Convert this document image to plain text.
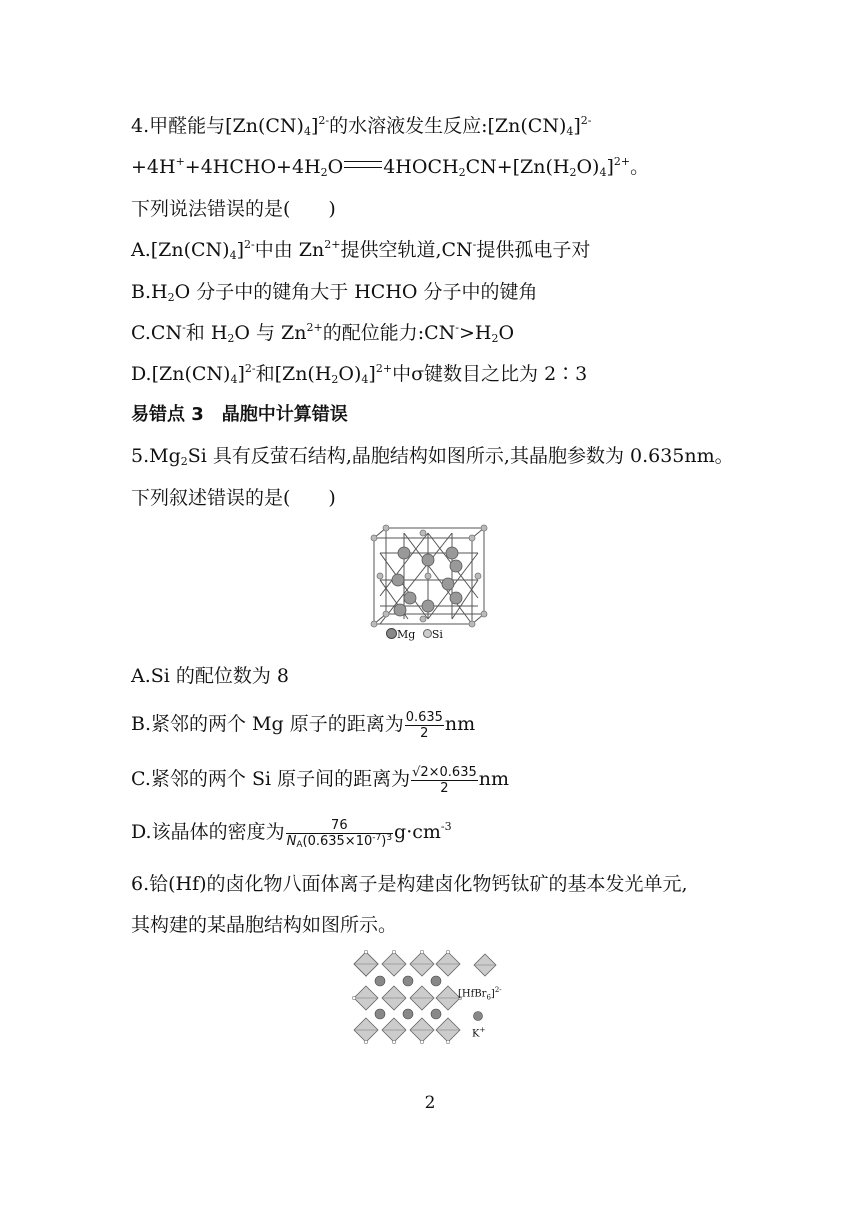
4.甲醛能与$[Zn(CN)_4]^{2-}$的水溶液发生反应$:[Zn(CN)_4]^{2-}$
$+4H^++4HCHO+4H_2O$ $4HOCH_2CN+[Zn(H_2O)_4]^{2+}$。
下列说法错误的是(　　)
$A.[Zn(CN)_4]^{2-}$中由 $Zn^{2+}$提供空轨道,CN-提供孤电子对
$B.H_2O$ 分子中的键角大于 HCHO 分子中的键角
C.CN-和 $H_2O$ 与 $Zn^{2+}$的配位能力$:CN^->H_2O$
$D.[Zn(CN)_4]^{2-}$和$[Zn(H_2O)_4]^{2+}$中σ键数目之比为 2∶3
易错点 3　晶胞中计算错误
$5.Mg_2Si$ 具有反萤石结构,晶胞结构如图所示,其晶胞参数为 0.635nm。
下列叙述错误的是(　　)
Mg Si
A.Si 的配位数为 8
B.紧邻的两个 Mg 原子的距离为 $\frac{0.635}{2}$ nm
C.紧邻的两个 Si 原子间的距离为 $\frac{√2\times 0.635}{2}$ nm
D.该晶体的密度为 $\frac{76}{N_A(0.635\times 10^{-7})^3} g\cdot cm^{-3}$
6.铪(Hf)的卤化物八面体离子是构建卤化物钙钛矿的基本发光单元,
其构建的某晶胞结构如图所示。
[HfBr$_6$]$^{2-}$
K+
2
